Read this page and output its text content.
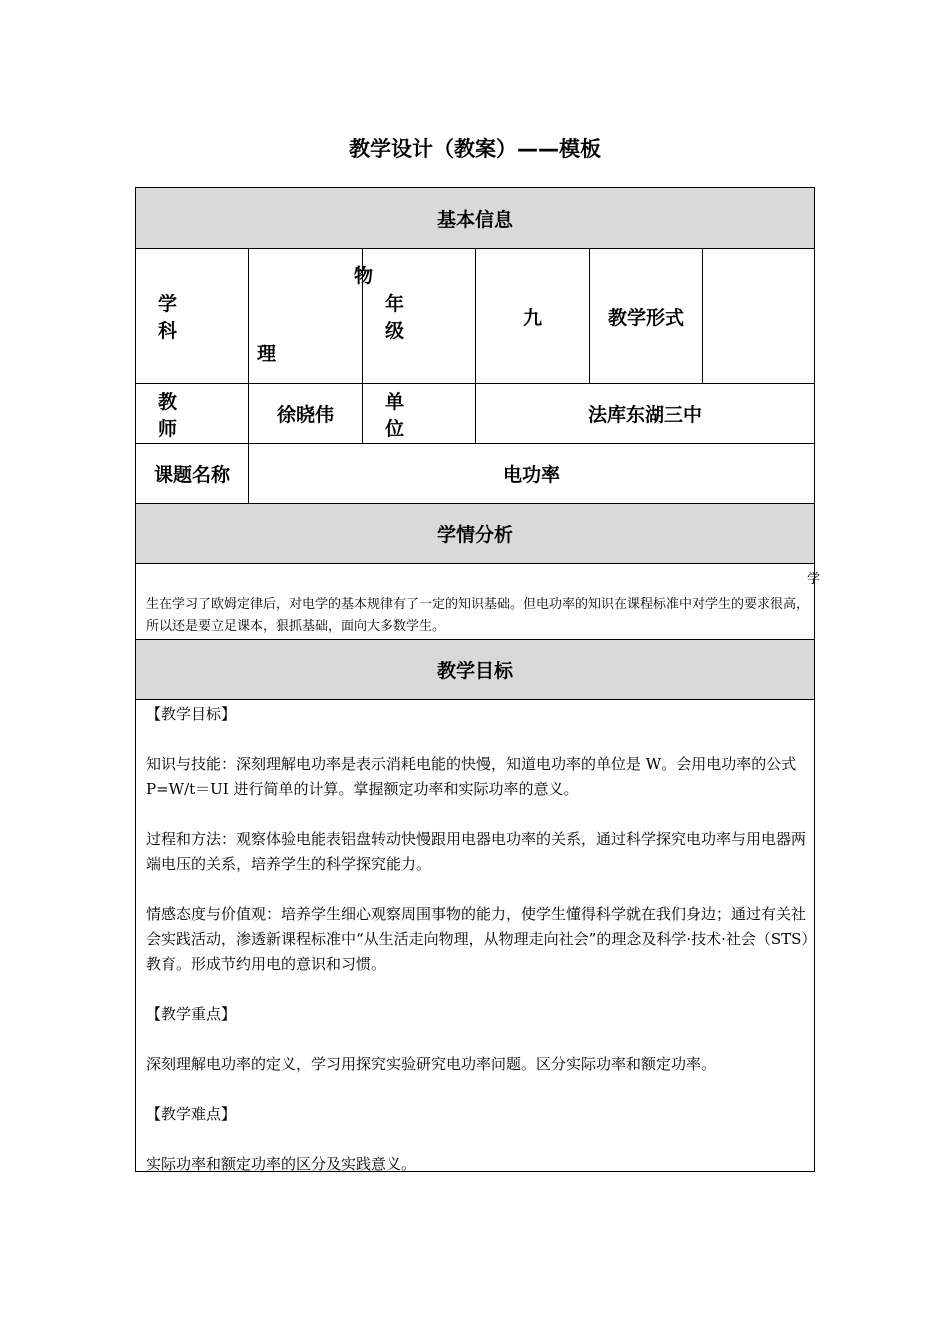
教学设计（教案）——模板
基本信息
学 科
物
理
年 级
九	教学形式
教 师
徐晓伟
单 位
法库东湖三中
课题名称	电功率
学情分析
学
生在学习了欧姆定律后，对电学的基本规律有了一定的知识基础。但电功率的知识在课程标准中对学生的要求很高，所以还是要立足课本，狠抓基础，面向大多数学生。
教学目标

【教学目标】

知识与技能：深刻理解电功率是表示消耗电能的快慢，知道电功率的单位是 W。会用电功率的公式 P=W/t＝UI 进行简单的计算。掌握额定功率和实际功率的意义。

过程和方法：观察体验电能表铝盘转动快慢跟用电器电功率的关系，通过科学探究电功率与用电器两端电压的关系，培养学生的科学探究能力。

情感态度与价值观：培养学生细心观察周围事物的能力，使学生懂得科学就在我们身边；通过有关社会实践活动，渗透新课程标准中“从生活走向物理，从物理走向社会”的理念及科学·技术·社会（STS）教育。形成节约用电的意识和习惯。

【教学重点】

深刻理解电功率的定义，学习用探究实验研究电功率问题。区分实际功率和额定功率。

【教学难点】

实际功率和额定功率的区分及实践意义。
